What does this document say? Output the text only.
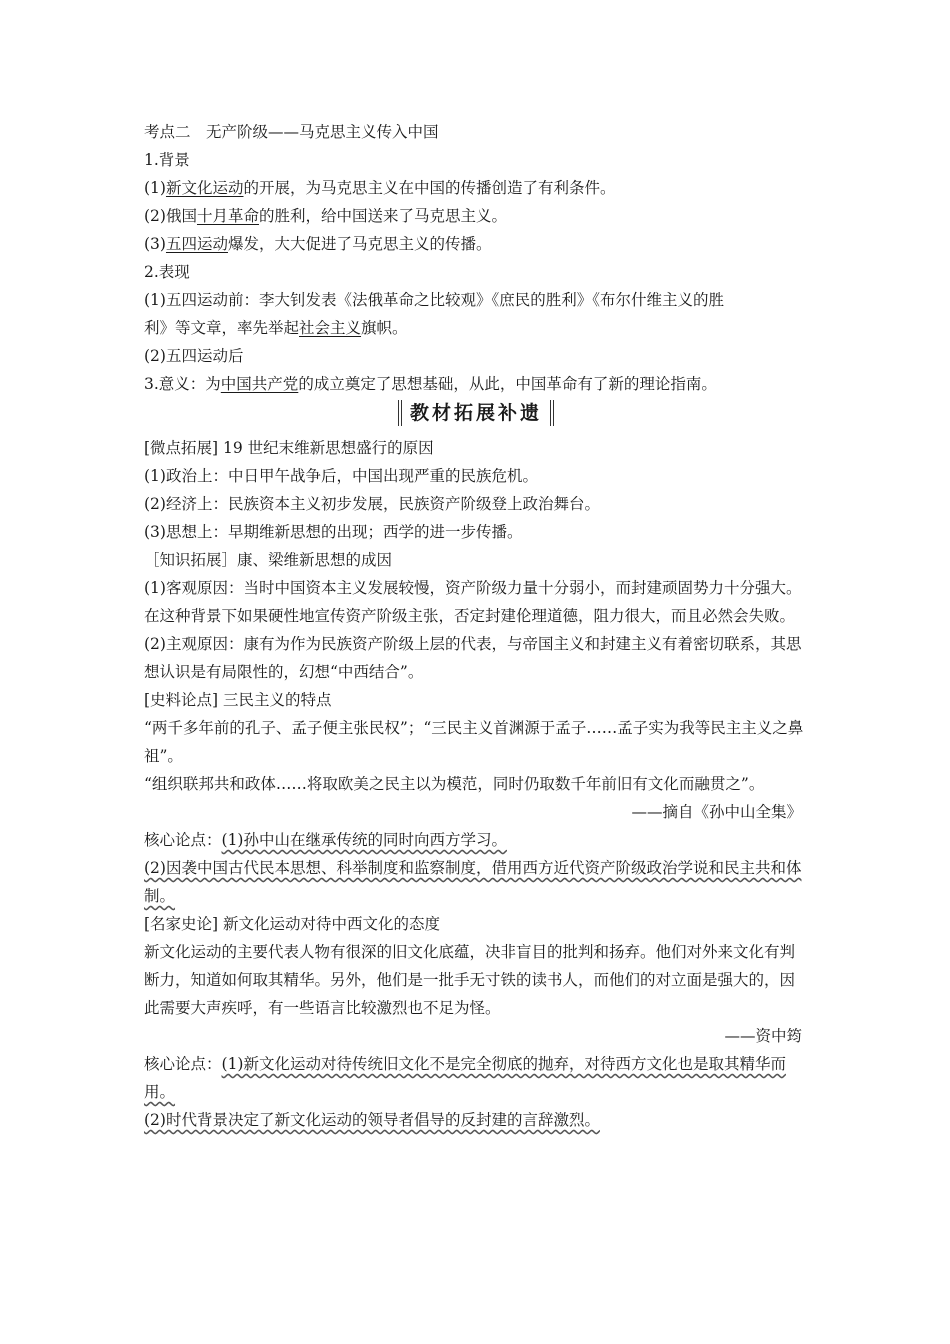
考点二　无产阶级——马克思主义传入中国
1.背景
(1)新文化运动的开展，为马克思主义在中国的传播创造了有利条件。
(2)俄国十月革命的胜利，给中国送来了马克思主义。
(3)五四运动爆发，大大促进了马克思主义的传播。
2.表现
(1)五四运动前：李大钊发表《法俄革命之比较观》《庶民的胜利》《布尔什维主义的胜
利》等文章，率先举起社会主义旗帜。
(2)五四运动后
3.意义：为中国共产党的成立奠定了思想基础，从此，中国革命有了新的理论指南。
教材拓展补遗
[微点拓展] 19 世纪末维新思想盛行的原因
(1)政治上：中日甲午战争后，中国出现严重的民族危机。
(2)经济上：民族资本主义初步发展，民族资产阶级登上政治舞台。
(3)思想上：早期维新思想的出现；西学的进一步传播。
［知识拓展］康、梁维新思想的成因
(1)客观原因：当时中国资本主义发展较慢，资产阶级力量十分弱小，而封建顽固势力十分强大。在这种背景下如果硬性地宣传资产阶级主张，否定封建伦理道德，阻力很大，而且必然会失败。
(2)主观原因：康有为作为民族资产阶级上层的代表，与帝国主义和封建主义有着密切联系，其思想认识是有局限性的，幻想“中西结合”。
[史料论点] 三民主义的特点
“两千多年前的孔子、孟子便主张民权”；“三民主义首渊源于孟子……孟子实为我等民主主义之鼻祖”。
“组织联邦共和政体……将取欧美之民主以为模范，同时仍取数千年前旧有文化而融贯之”。
——摘自《孙中山全集》
核心论点：(1)孙中山在继承传统的同时向西方学习。
(2)因袭中国古代民本思想、科举制度和监察制度，借用西方近代资产阶级政治学说和民主共和体制。
[名家史论] 新文化运动对待中西文化的态度
新文化运动的主要代表人物有很深的旧文化底蕴，决非盲目的批判和扬弃。他们对外来文化有判断力，知道如何取其精华。另外，他们是一批手无寸铁的读书人，而他们的对立面是强大的，因此需要大声疾呼，有一些语言比较激烈也不足为怪。
——资中筠
核心论点：(1)新文化运动对待传统旧文化不是完全彻底的抛弃，对待西方文化也是取其精华而用。
(2)时代背景决定了新文化运动的领导者倡导的反封建的言辞激烈。
